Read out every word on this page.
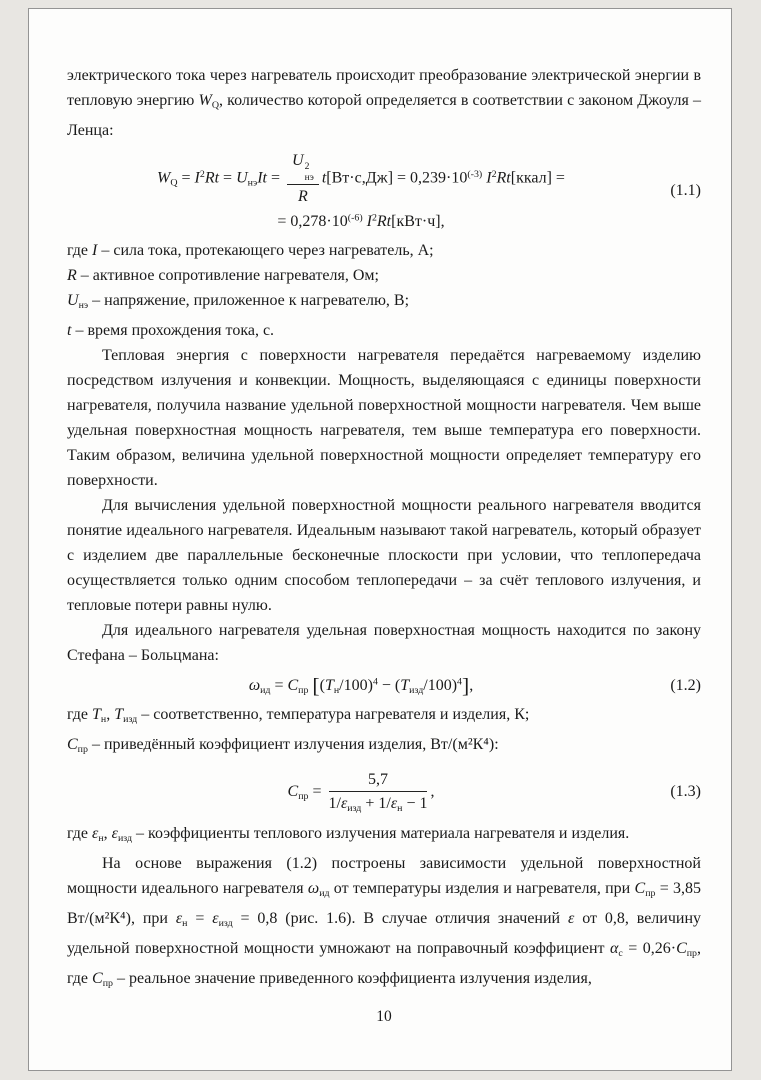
электрического тока через нагреватель происходит преобразование электрической энергии в тепловую энергию WQ, количество которой определяется в соответствии с законом Джоуля – Ленца:

WQ = $I^2Rt$ = UнэIt = U 2
нэ
R $t[Вт\cdot с,Дж] = 0,239\cdot 10^{(-3)}$ $I^2Rt[ккал]$ =
= $0,278\cdot 10^{(-6)}$ $I^2Rt[кВт\cdot ч]$,
(1.1)

где I – сила тока, протекающего через нагреватель, А;

R – активное сопротивление нагревателя, Ом;

Uнэ – напряжение, приложенное к нагревателю, В;

t – время прохождения тока, с.

Тепловая энергия с поверхности нагревателя передаётся нагреваемому изделию посредством излучения и конвекции. Мощность, выделяющаяся с единицы поверхности нагревателя, получила название удельной поверхностной мощности нагревателя. Чем выше удельная поверхностная мощность нагревателя, тем выше температура его поверхности. Таким образом, величина удельной поверхностной мощности определяет температуру его поверхности.

Для вычисления удельной поверхностной мощности реального нагревателя вводится понятие идеального нагревателя. Идеальным называют такой нагреватель, который образует с изделием две параллельные бесконечные плоскости при условии, что теплопередача осуществляется только одним способом теплопередачи – за счёт теплового излучения, и тепловые потери равны нулю.

Для идеального нагревателя удельная поверхностная мощность находится по закону Стефана – Больцмана:

ωид = Cпр [$(Tн/100)^4$ − (Tизд/100)$^4$],	(1.2)

где Tн, Tизд – соответственно, температура нагревателя и изделия, К;

Cпр – приведённый коэффициент излучения изделия, Вт/(м²К⁴):

Cпр = $\frac{5,7}{\text{1/εизд + 1/εн − 1}}$ ,	(1.3)

где εн, εизд – коэффициенты теплового излучения материала нагревателя и изделия.

На основе выражения (1.2) построены зависимости удельной поверхностной мощности идеального нагревателя ωид от температуры изделия и нагревателя, при Cпр = 3,85 Вт/(м²К⁴), при εн = εизд = 0,8 (рис. 1.6). В случае отличия значений ε от 0,8, величину удельной поверхностной мощности умножают на поправочный коэффициент αс = 0,26·Cпр, где Cпр – реальное значение приведенного коэффициента излучения изделия,

10
